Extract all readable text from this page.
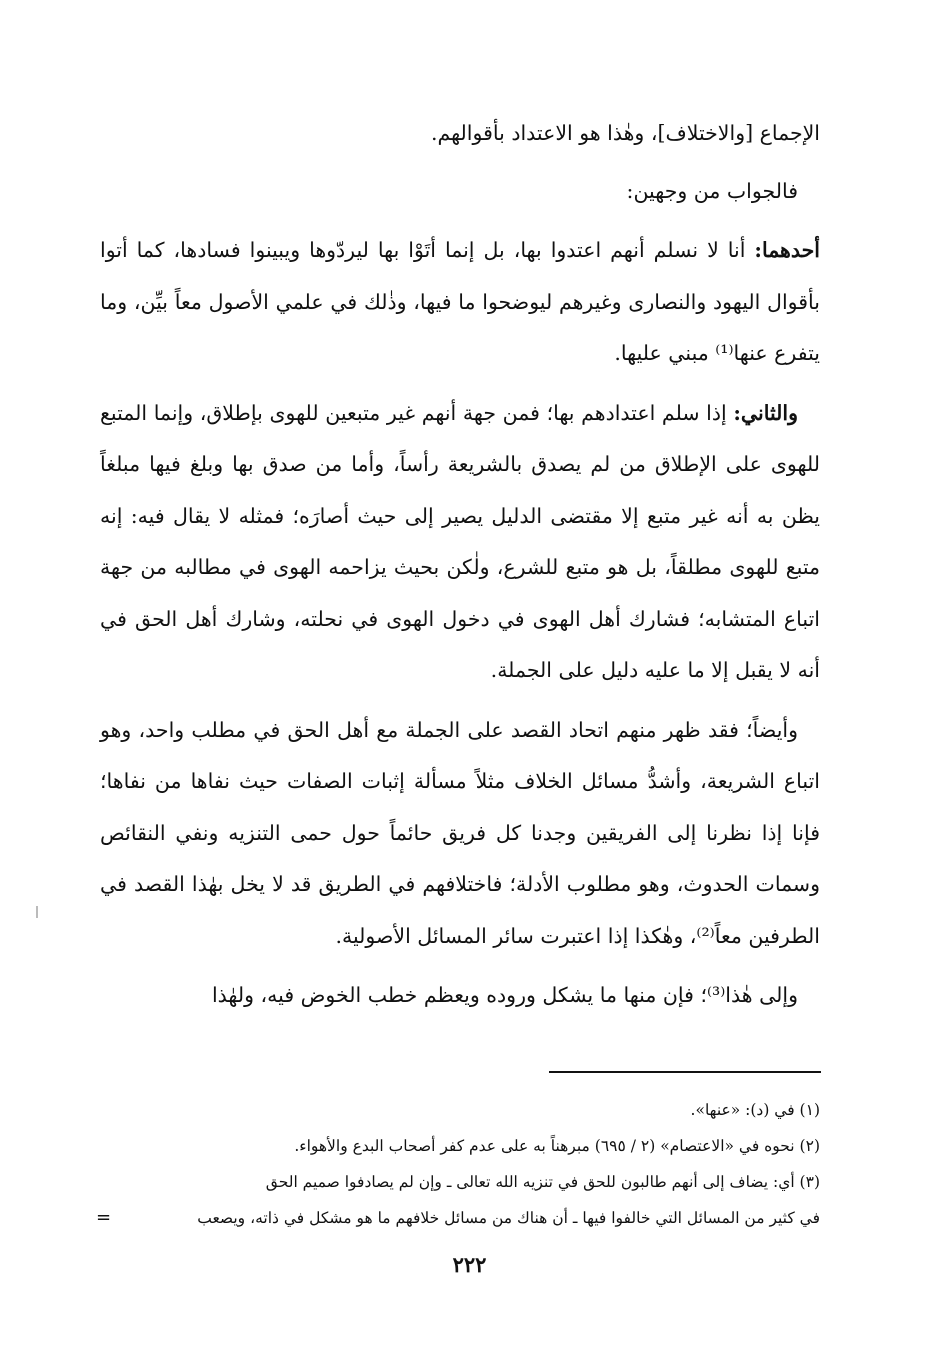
الإجماع [والاختلاف]، وهٰذا هو الاعتداد بأقوالهم.

فالجواب من وجهين:

أحدهما: أنا لا نسلم أنهم اعتدوا بها، بل إنما أتَوْا بها ليردّوها ويبينوا فسادها، كما أتوا بأقوال اليهود والنصارى وغيرهم ليوضحوا ما فيها، وذٰلك في علمي الأصول معاً بيِّن، وما يتفرع عنها⁽¹⁾ مبني عليها.

والثاني: إذا سلم اعتدادهم بها؛ فمن جهة أنهم غير متبعين للهوى بإطلاق، وإنما المتبع للهوى على الإطلاق من لم يصدق بالشريعة رأساً، وأما من صدق بها وبلغ فيها مبلغاً يظن به أنه غير متبع إلا مقتضى الدليل يصير إلى حيث أصارَه؛ فمثله لا يقال فيه: إنه متبع للهوى مطلقاً، بل هو متبع للشرع، ولٰكن بحيث يزاحمه الهوى في مطالبه من جهة اتباع المتشابه؛ فشارك أهل الهوى في دخول الهوى في نحلته، وشارك أهل الحق في أنه لا يقبل إلا ما عليه دليل على الجملة.

وأيضاً؛ فقد ظهر منهم اتحاد القصد على الجملة مع أهل الحق في مطلب واحد، وهو اتباع الشريعة، وأشدُّ مسائل الخلاف مثلاً مسألة إثبات الصفات حيث نفاها من نفاها؛ فإنا إذا نظرنا إلى الفريقين وجدنا كل فريق حائماً حول حمى التنزيه ونفي النقائص وسمات الحدوث، وهو مطلوب الأدلة؛ فاختلافهم في الطريق قد لا يخل بهٰذا القصد في الطرفين معاً⁽²⁾، وهٰكذا إذا اعتبرت سائر المسائل الأصولية.

وإلى هٰذا⁽³⁾؛ فإن منها ما يشكل وروده ويعظم خطب الخوض فيه، ولهٰذا

(١) في (د): «عنها».

(٢) نحوه في «الاعتصام» (٢ / ٦٩٥) مبرهناً به على عدم كفر أصحاب البدع والأهواء.

(٣) أي: يضاف إلى أنهم طالبون للحق في تنزيه الله تعالى ـ وإن لم يصادفوا صميم الحق

في كثير من المسائل التي خالفوا فيها ـ أن هناك من مسائل خلافهم ما هو مشكل في ذاته، ويصعب
=

٢٢٢
